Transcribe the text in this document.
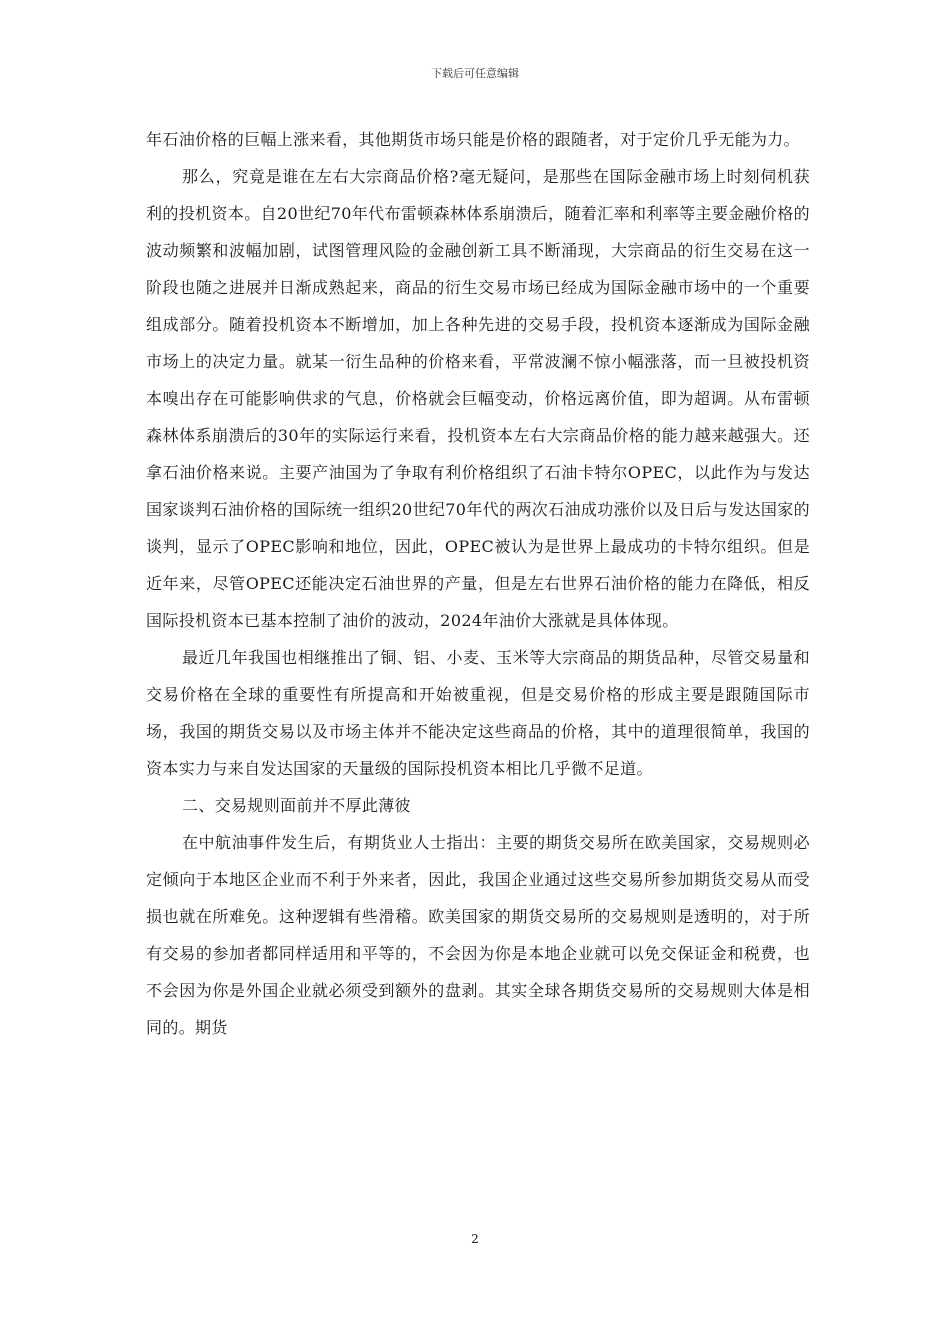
下载后可任意编辑

年石油价格的巨幅上涨来看，其他期货市场只能是价格的跟随者，对于定价几乎无能为力。

那么，究竟是谁在左右大宗商品价格?毫无疑问，是那些在国际金融市场上时刻伺机获利的投机资本。自20世纪70年代布雷顿森林体系崩溃后，随着汇率和利率等主要金融价格的波动频繁和波幅加剧，试图管理风险的金融创新工具不断涌现，大宗商品的衍生交易在这一阶段也随之进展并日渐成熟起来，商品的衍生交易市场已经成为国际金融市场中的一个重要组成部分。随着投机资本不断增加，加上各种先进的交易手段，投机资本逐渐成为国际金融市场上的决定力量。就某一衍生品种的价格来看，平常波澜不惊小幅涨落，而一旦被投机资本嗅出存在可能影响供求的气息，价格就会巨幅变动，价格远离价值，即为超调。从布雷顿森林体系崩溃后的30年的实际运行来看，投机资本左右大宗商品价格的能力越来越强大。还拿石油价格来说。主要产油国为了争取有利价格组织了石油卡特尔OPEC，以此作为与发达国家谈判石油价格的国际统一组织20世纪70年代的两次石油成功涨价以及日后与发达国家的谈判，显示了OPEC影响和地位，因此，OPEC被认为是世界上最成功的卡特尔组织。但是近年来，尽管OPEC还能决定石油世界的产量，但是左右世界石油价格的能力在降低，相反国际投机资本已基本控制了油价的波动，2024年油价大涨就是具体体现。

最近几年我国也相继推出了铜、铝、小麦、玉米等大宗商品的期货品种，尽管交易量和交易价格在全球的重要性有所提高和开始被重视，但是交易价格的形成主要是跟随国际市场，我国的期货交易以及市场主体并不能决定这些商品的价格，其中的道理很简单，我国的资本实力与来自发达国家的天量级的国际投机资本相比几乎微不足道。

二、交易规则面前并不厚此薄彼

在中航油事件发生后，有期货业人士指出：主要的期货交易所在欧美国家，交易规则必定倾向于本地区企业而不利于外来者，因此，我国企业通过这些交易所参加期货交易从而受损也就在所难免。这种逻辑有些滑稽。欧美国家的期货交易所的交易规则是透明的，对于所有交易的参加者都同样适用和平等的，不会因为你是本地企业就可以免交保证金和税费，也不会因为你是外国企业就必须受到额外的盘剥。其实全球各期货交易所的交易规则大体是相同的。期货

2
